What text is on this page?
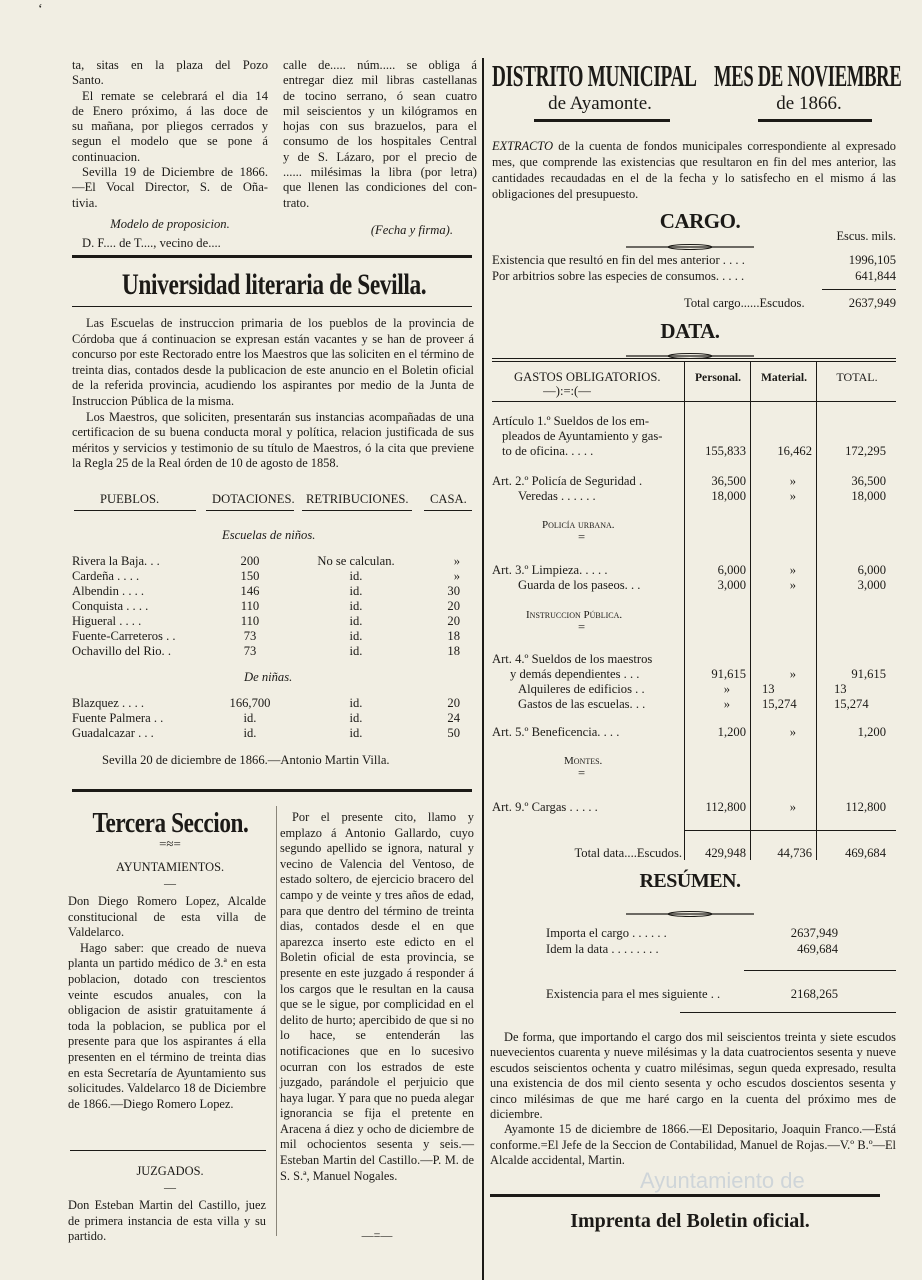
‘
ta, sitas en la plaza del Pozo
Santo.
El remate se celebrará el dia 14
de Enero próximo, á las doce de
su mañana, por pliegos cerrados y
segun el modelo que se pone á
continuacion.
Sevilla 19 de Diciembre de 1866.
—El Vocal Director, S. de Oña-
tivia.
Modelo de proposicion.
D. F.... de T...., vecino de....
calle de..... núm..... se obliga á
entregar diez mil libras castellanas
de tocino serrano, ó sean cuatro
mil seiscientos y un kilógramos en
hojas con sus brazuelos, para el
consumo de los hospitales Central
y de S. Lázaro, por el precio de
...... milésimas la libra (por letra)
que llenen las condiciones del con-
trato.
(Fecha y firma).
Universidad literaria de Sevilla.

Las Escuelas de instruccion primaria de los pueblos de la provincia de Córdoba que á continuacion se expresan están vacantes y se han de proveer á concurso por este Rectorado entre los Maestros que las soliciten en el término de treinta dias, contados desde la publicacion de este anuncio en el Boletin oficial de la referida provincia, acudiendo los aspirantes por medio de la Junta de Instruccion Pública de la misma.

Los Maestros, que soliciten, presentarán sus instancias acompañadas de una certificacion de su buena conducta moral y política, relacion justificada de sus méritos y servicios y testimonio de su título de Maestros, ó la cita que previene la Regla 25 de la Real órden de 10 de agosto de 1858.

PUEBLOS.	DOTACIONES. RETRIBUCIONES. CASA.
Escuelas de niños.
Rivera la Baja. . .	200	No se calculan.	»
Cardeña . . . .	150	id.	»
Albendin . . . .	146	id.	30
Conquista . . . .	110	id.	20
Higueral . . . .	110	id.	20
Fuente-Carreteros . .	73	id.	18
Ochavillo del Rio. .	73	id.	18
De niñas.
Blazquez . . . .	166,700	id.	20
Fuente Palmera . .	id.	id.	24
Guadalcazar . . .	id.	id.	50
Sevilla 20 de diciembre de 1866.—Antonio Martin Villa.
Tercera Seccion.
=≈=
AYUNTAMIENTOS.
—

Don Diego Romero Lopez, Alcalde constitucional de esta villa de Valdelarco.

Hago saber: que creado de nueva planta un partido médico de 3.ª en esta poblacion, dotado con trescientos veinte escudos anuales, con la obligacion de asistir gratuitamente á toda la poblacion, se publica por el presente para que los aspirantes á ella presenten en el término de treinta dias en esta Secretaría de Ayuntamiento sus solicitudes. Valdelarco 18 de Diciembre de 1866.—Diego Romero Lopez.

JUZGADOS.
—

Don Esteban Martin del Castillo, juez de primera instancia de esta villa y su partido.

Por el presente cito, llamo y emplazo á Antonio Gallardo, cuyo segundo apellido se ignora, natural y vecino de Valencia del Ventoso, de estado soltero, de ejercicio bracero del campo y de veinte y tres años de edad, para que dentro del término de treinta dias, contados desde el en que aparezca inserto este edicto en el Boletin oficial de esta provincia, se presente en este juzgado á responder á los cargos que le resultan en la causa que se le sigue, por complicidad en el delito de hurto; apercibido de que si no lo hace, se entenderán las notificaciones que en lo sucesivo ocurran con los estrados de este juzgado, parándole el perjuicio que haya lugar. Y para que no pueda alegar ignorancia se fija el pretente en Aracena á diez y ocho de diciembre de mil ochocientos sesenta y seis.—Esteban Martin del Castillo.—P. M. de S. S.ª, Manuel Nogales.

—=—
DISTRITO MUNICIPAL MES DE NOVIEMBRE
de Ayamonte.	de 1866.

EXTRACTO de la cuenta de fondos municipales correspondiente al expresado mes, que comprende las existencias que resultaron en fin del mes anterior, las cantidades recaudadas en el de la fecha y lo satisfecho en el mismo á las obligaciones del presupuesto.

CARGO.
Escus. mils.
Existencia que resultó en fin del mes anterior . . . .	1996,105
Por arbitrios sobre las especies de consumos. . . . .	641,844
Total cargo......Escudos.	2637,949
DATA.
GASTOS OBLIGATORIOS.	Personal.	Material.	TOTAL.
—):=:(—
Artículo 1.º Sueldos de los em-
pleados de Ayuntamiento y gas-
to de oficina. . . . .	155,833 16,462	172,295
Art. 2.º Policía de Seguridad .	36,500	»	36,500
Veredas . . . . . .	18,000	»	18,000
Policía urbana.
=
Art. 3.º Limpieza. . . . .	6,000	»	6,000
Guarda de los paseos. . .	3,000	»	3,000
Instruccion Pública.
=
Art. 4.º Sueldos de los maestros
y demás dependientes . . .	91,615	»	91,615
Alquileres de edificios . .	»	13	13
Gastos de las escuelas. . .	»	15,274	15,274
Art. 5.º Beneficencia. . . .	1,200	»	1,200
Montes.
=
Art. 9.º Cargas . . . . .	112,800	»	112,800
Total data....Escudos. 429,948 44,736	469,684
RESÚMEN.
Importa el cargo . . . . . .	2637,949
Idem la data . . . . . . . .	469,684
Existencia para el mes siguiente . .	2168,265

De forma, que importando el cargo dos mil seiscientos treinta y siete escudos nuevecientos cuarenta y nueve milésimas y la data cuatrocientos sesenta y nueve escudos seiscientos ochenta y cuatro milésimas, segun queda expresado, resulta una existencia de dos mil ciento sesenta y ocho escudos doscientos sesenta y cinco milésimas de que me haré cargo en la cuenta del próximo mes de diciembre.

Ayamonte 15 de diciembre de 1866.—El Depositario, Joaquin Franco.—Está conforme.=El Jefe de la Seccion de Contabilidad, Manuel de Rojas.—V.º B.º—El Alcalde accidental, Martin.

Imprenta del Boletin oficial.
Ayuntamiento de
